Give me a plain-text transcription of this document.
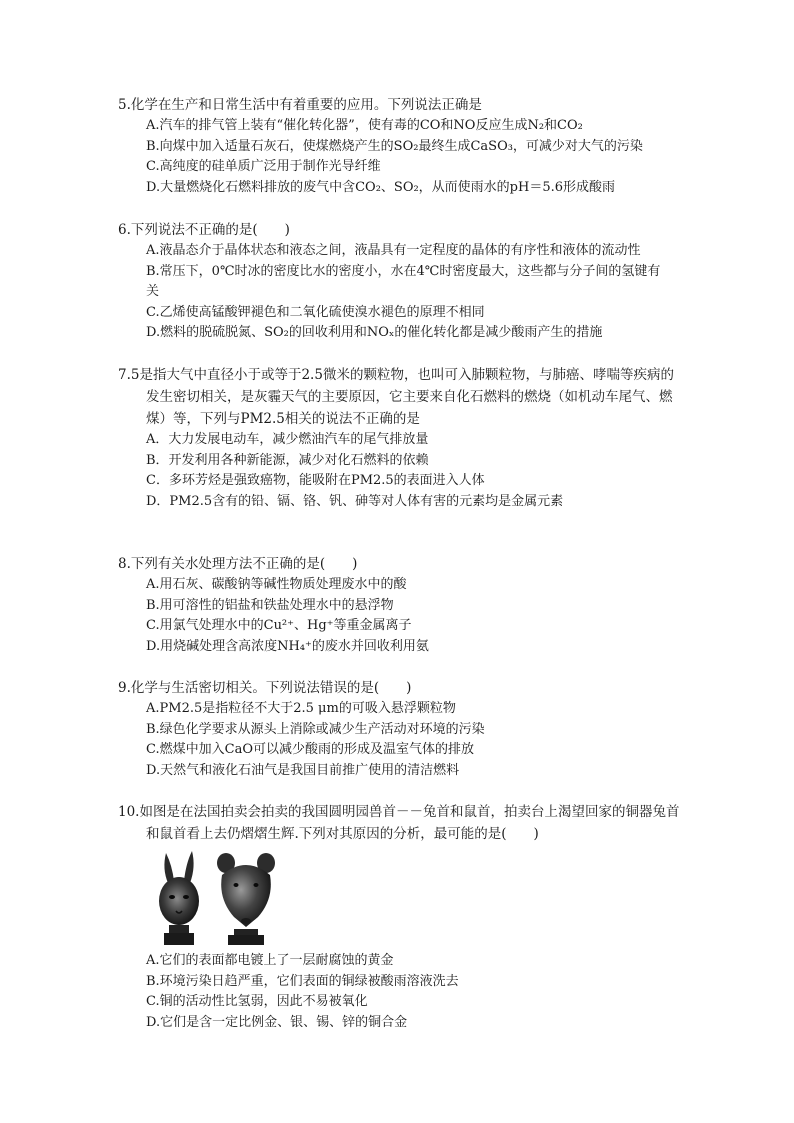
5.化学在生产和日常生活中有着重要的应用。下列说法正确是

A.汽车的排气管上装有“催化转化器”，使有毒的CO和NO反应生成N₂和CO₂
B.向煤中加入适量石灰石，使煤燃烧产生的SO₂最终生成CaSO₃，可减少对大气的污染
C.高纯度的硅单质广泛用于制作光导纤维
D.大量燃烧化石燃料排放的废气中含CO₂、SO₂，从而使雨水的pH＝5.6形成酸雨

6.下列说法不正确的是(　　)

A.液晶态介于晶体状态和液态之间，液晶具有一定程度的晶体的有序性和液体的流动性
B.常压下，0℃时冰的密度比水的密度小，水在4℃时密度最大，这些都与分子间的氢键有
关
C.乙烯使高锰酸钾褪色和二氧化硫使溴水褪色的原理不相同
D.燃料的脱硫脱氮、SO₂的回收利用和NOₓ的催化转化都是减少酸雨产生的措施

7.5是指大气中直径小于或等于2.5微米的颗粒物，也叫可入肺颗粒物，与肺癌、哮喘等疾病的
发生密切相关，是灰霾天气的主要原因，它主要来自化石燃料的燃烧（如机动车尾气、燃
煤）等，下列与PM2.5相关的说法不正确的是

A．大力发展电动车，减少燃油汽车的尾气排放量
B．开发利用各种新能源，减少对化石燃料的依赖
C．多环芳烃是强致癌物，能吸附在PM2.5的表面进入人体
D．PM2.5含有的铅、镉、铬、钒、砷等对人体有害的元素均是金属元素

8.下列有关水处理方法不正确的是(　　)

A.用石灰、碳酸钠等碱性物质处理废水中的酸
B.用可溶性的铝盐和铁盐处理水中的悬浮物
C.用氯气处理水中的Cu²⁺、Hg⁺等重金属离子
D.用烧碱处理含高浓度NH₄⁺的废水并回收利用氨

9.化学与生活密切相关。下列说法错误的是(　　)

A.PM2.5是指粒径不大于2.5 μm的可吸入悬浮颗粒物
B.绿色化学要求从源头上消除或减少生产活动对环境的污染
C.燃煤中加入CaO可以减少酸雨的形成及温室气体的排放
D.天然气和液化石油气是我国目前推广使用的清洁燃料

10.如图是在法国拍卖会拍卖的我国圆明园兽首－－兔首和鼠首，拍卖台上渴望回家的铜器兔首
和鼠首看上去仍熠熠生辉.下列对其原因的分析，最可能的是(　　)

A.它们的表面都电镀上了一层耐腐蚀的黄金
B.环境污染日趋严重，它们表面的铜绿被酸雨溶液洗去
C.铜的活动性比氢弱，因此不易被氧化
D.它们是含一定比例金、银、锡、锌的铜合金
